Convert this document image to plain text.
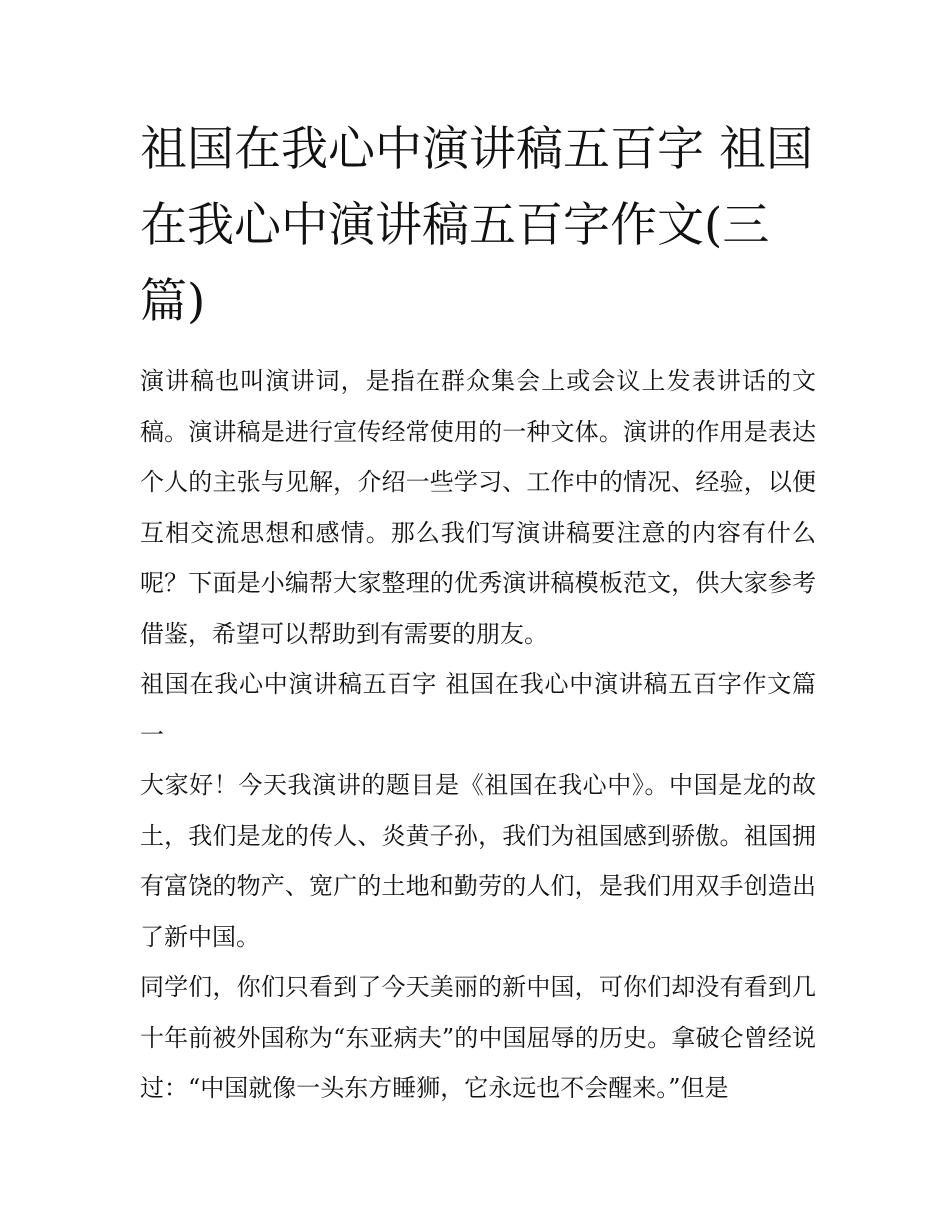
祖国在我心中演讲稿五百字 祖国在我心中演讲稿五百字作文(三篇)

演讲稿也叫演讲词，是指在群众集会上或会议上发表讲话的文稿。演讲稿是进行宣传经常使用的一种文体。演讲的作用是表达个人的主张与见解，介绍一些学习、工作中的情况、经验，以便互相交流思想和感情。那么我们写演讲稿要注意的内容有什么呢？下面是小编帮大家整理的优秀演讲稿模板范文，供大家参考借鉴，希望可以帮助到有需要的朋友。

祖国在我心中演讲稿五百字 祖国在我心中演讲稿五百字作文篇一

大家好！今天我演讲的题目是《祖国在我心中》。中国是龙的故土，我们是龙的传人、炎黄子孙，我们为祖国感到骄傲。祖国拥有富饶的物产、宽广的土地和勤劳的人们，是我们用双手创造出了新中国。

同学们，你们只看到了今天美丽的新中国，可你们却没有看到几十年前被外国称为“东亚病夫”的中国屈辱的历史。拿破仑曾经说过：“中国就像一头东方睡狮，它永远也不会醒来。”但是
